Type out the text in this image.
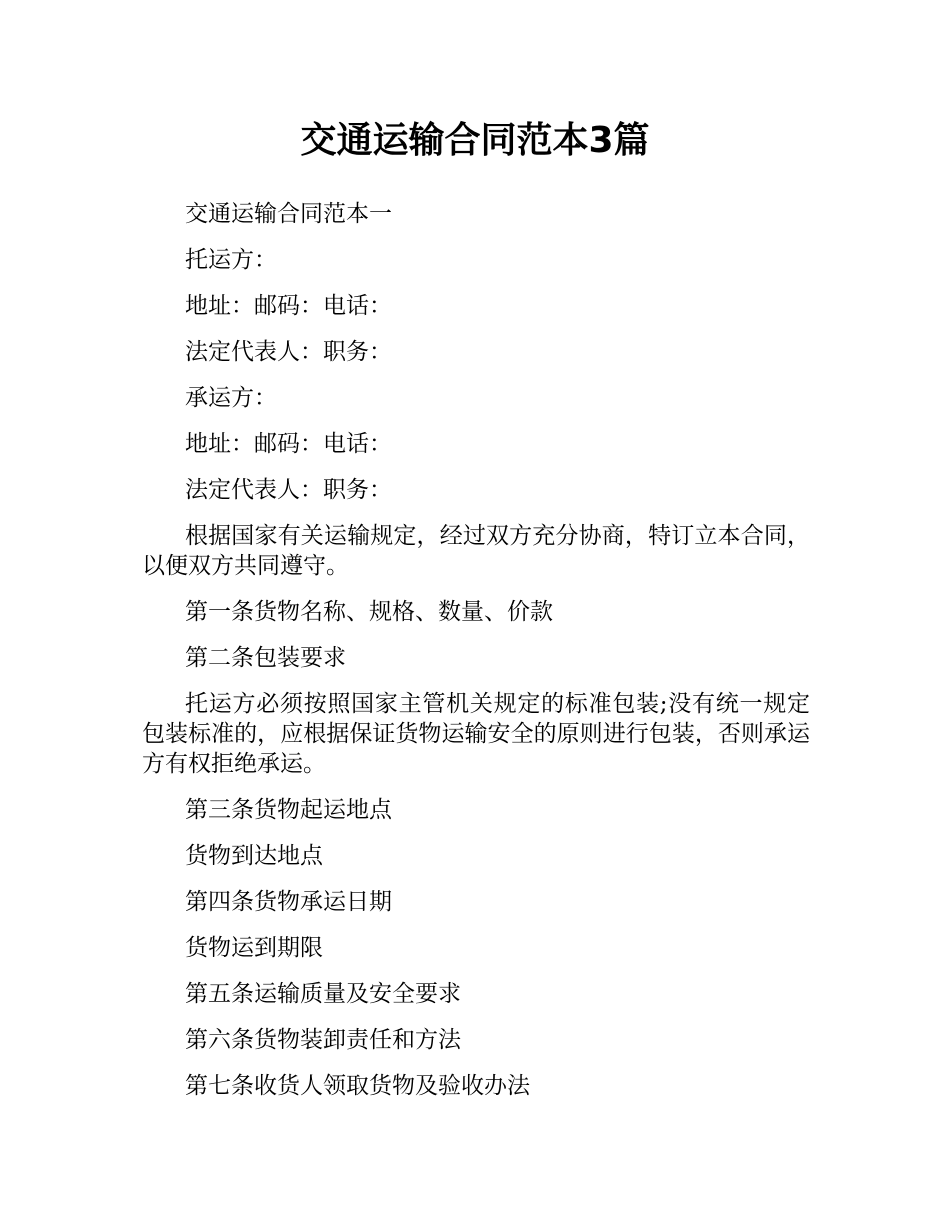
交通运输合同范本3篇

交通运输合同范本一

托运方：

地址：邮码：电话：

法定代表人：职务：

承运方：

地址：邮码：电话：

法定代表人：职务：

根据国家有关运输规定，经过双方充分协商，特订立本合同，以便双方共同遵守。

第一条货物名称、规格、数量、价款

第二条包装要求

托运方必须按照国家主管机关规定的标准包装;没有统一规定包装标准的，应根据保证货物运输安全的原则进行包装，否则承运方有权拒绝承运。

第三条货物起运地点

货物到达地点

第四条货物承运日期

货物运到期限

第五条运输质量及安全要求

第六条货物装卸责任和方法

第七条收货人领取货物及验收办法
